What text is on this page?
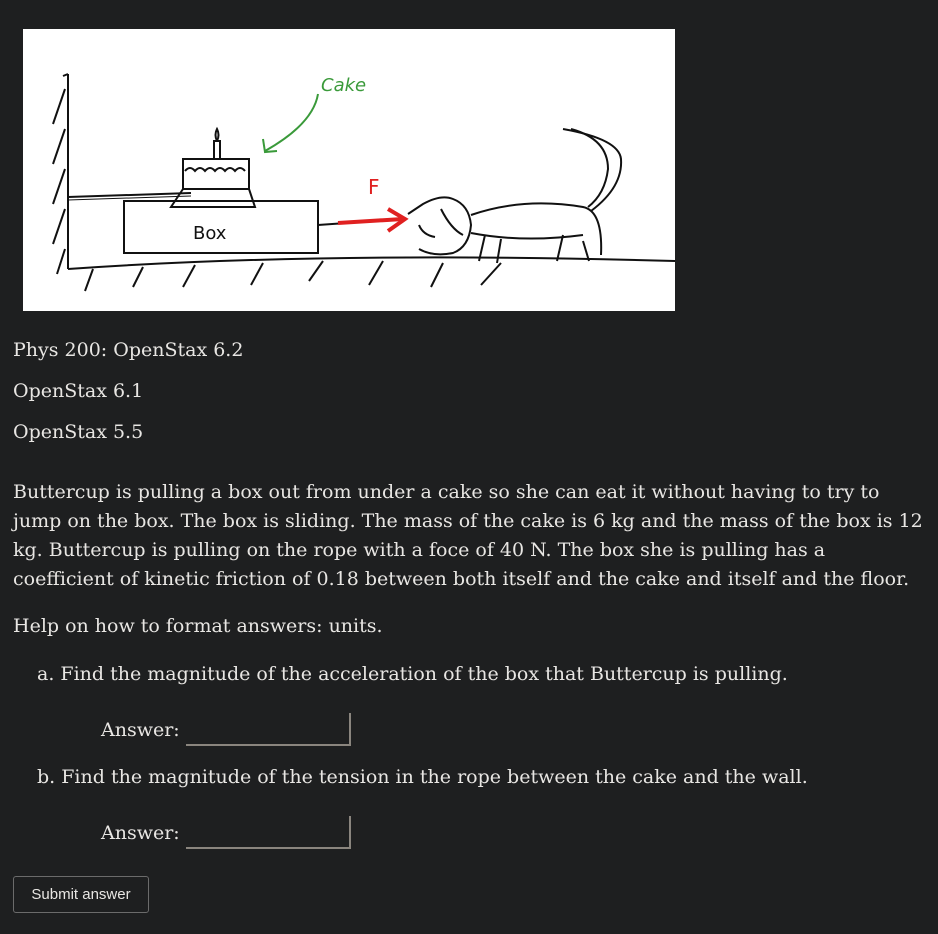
Box
F
Cake
Phys 200: OpenStax 6.2
OpenStax 6.1
OpenStax 5.5
Buttercup is pulling a box out from under a cake so she can eat it without having to try to jump on the box. The box is sliding. The mass of the cake is 6 kg and the mass of the box is 12 kg. Buttercup is pulling on the rope with a foce of 40 N. The box she is pulling has a coefficient of kinetic friction of 0.18 between both itself and the cake and itself and the floor.
Help on how to format answers: units.
a. Find the magnitude of the acceleration of the box that Buttercup is pulling.
Answer:
b. Find the magnitude of the tension in the rope between the cake and the wall.
Answer:
Submit answer
